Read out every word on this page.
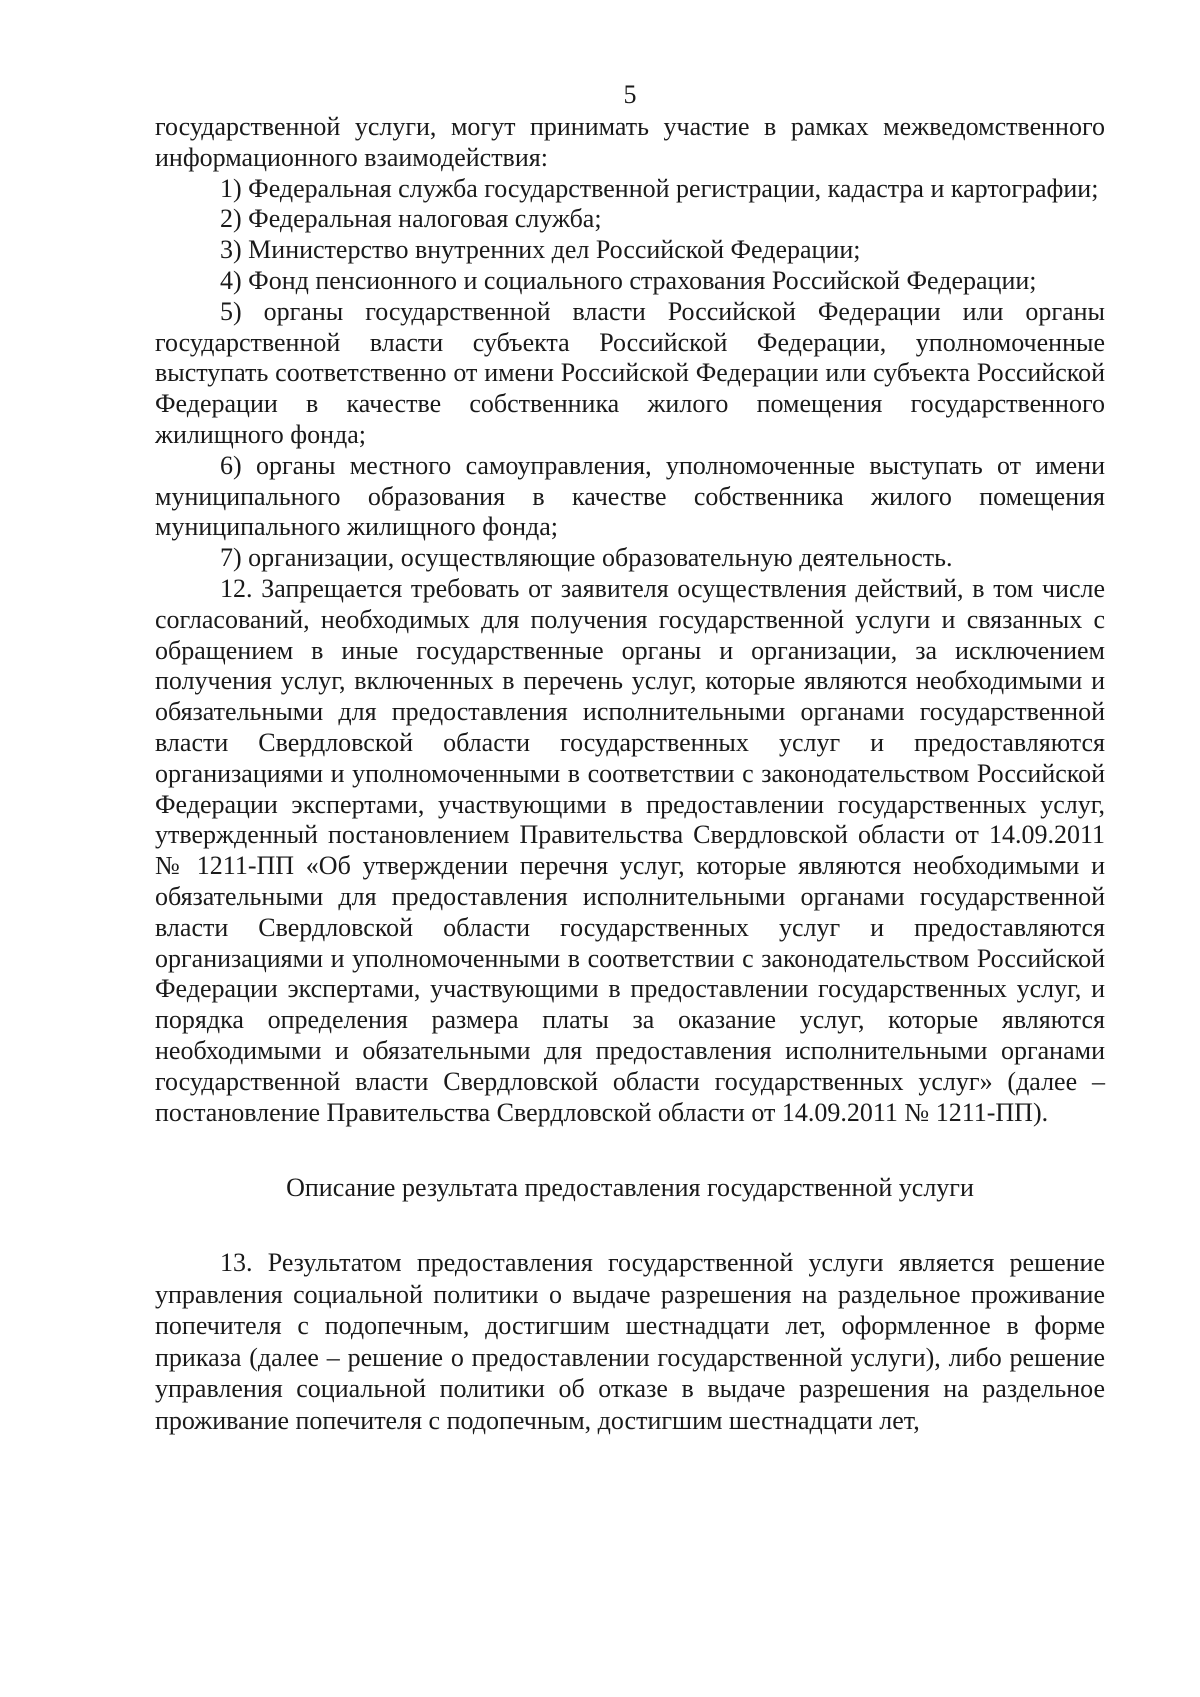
5

государственной услуги, могут принимать участие в рамках межведомственного информационного взаимодействия:

1) Федеральная служба государственной регистрации, кадастра и картографии;

2) Федеральная налоговая служба;

3) Министерство внутренних дел Российской Федерации;

4) Фонд пенсионного и социального страхования Российской Федерации;

5) органы государственной власти Российской Федерации или органы государственной власти субъекта Российской Федерации, уполномоченные выступать соответственно от имени Российской Федерации или субъекта Российской Федерации в качестве собственника жилого помещения государственного жилищного фонда;

6) органы местного самоуправления, уполномоченные выступать от имени муниципального образования в качестве собственника жилого помещения муниципального жилищного фонда;

7) организации, осуществляющие образовательную деятельность.

12. Запрещается требовать от заявителя осуществления действий, в том числе согласований, необходимых для получения государственной услуги и связанных с обращением в иные государственные органы и организации, за исключением получения услуг, включенных в перечень услуг, которые являются необходимыми и обязательными для предоставления исполнительными органами государственной власти Свердловской области государственных услуг и предоставляются организациями и уполномоченными в соответствии с законодательством Российской Федерации экспертами, участвующими в предоставлении государственных услуг, утвержденный постановлением Правительства Свердловской области от 14.09.2011 № 1211-ПП «Об утверждении перечня услуг, которые являются необходимыми и обязательными для предоставления исполнительными органами государственной власти Свердловской области государственных услуг и предоставляются организациями и уполномоченными в соответствии с законодательством Российской Федерации экспертами, участвующими в предоставлении государственных услуг, и порядка определения размера платы за оказание услуг, которые являются необходимыми и обязательными для предоставления исполнительными органами государственной власти Свердловской области государственных услуг» (далее – постановление Правительства Свердловской области от 14.09.2011 № 1211-ПП).

Описание результата предоставления государственной услуги

13. Результатом предоставления государственной услуги является решение управления социальной политики о выдаче разрешения на раздельное проживание попечителя с подопечным, достигшим шестнадцати лет, оформленное в форме приказа (далее – решение о предоставлении государственной услуги), либо решение управления социальной политики об отказе в выдаче разрешения на раздельное проживание попечителя с подопечным, достигшим шестнадцати лет,
